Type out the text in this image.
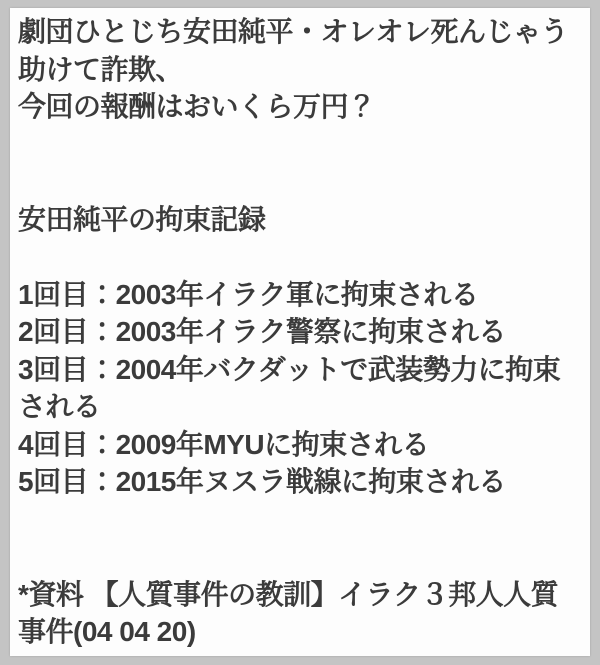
劇団ひとじち安田純平・オレオレ死んじゃう
助けて詐欺、
今回の報酬はおいくら万円？
安田純平の拘束記録
1回目：2003年イラク軍に拘束される
2回目：2003年イラク警察に拘束される
3回目：2004年バクダットで武装勢力に拘束
される
4回目：2009年MYUに拘束される
5回目：2015年ヌスラ戦線に拘束される
*資料 【人質事件の教訓】イラク３邦人人質
事件(04 04 20)
